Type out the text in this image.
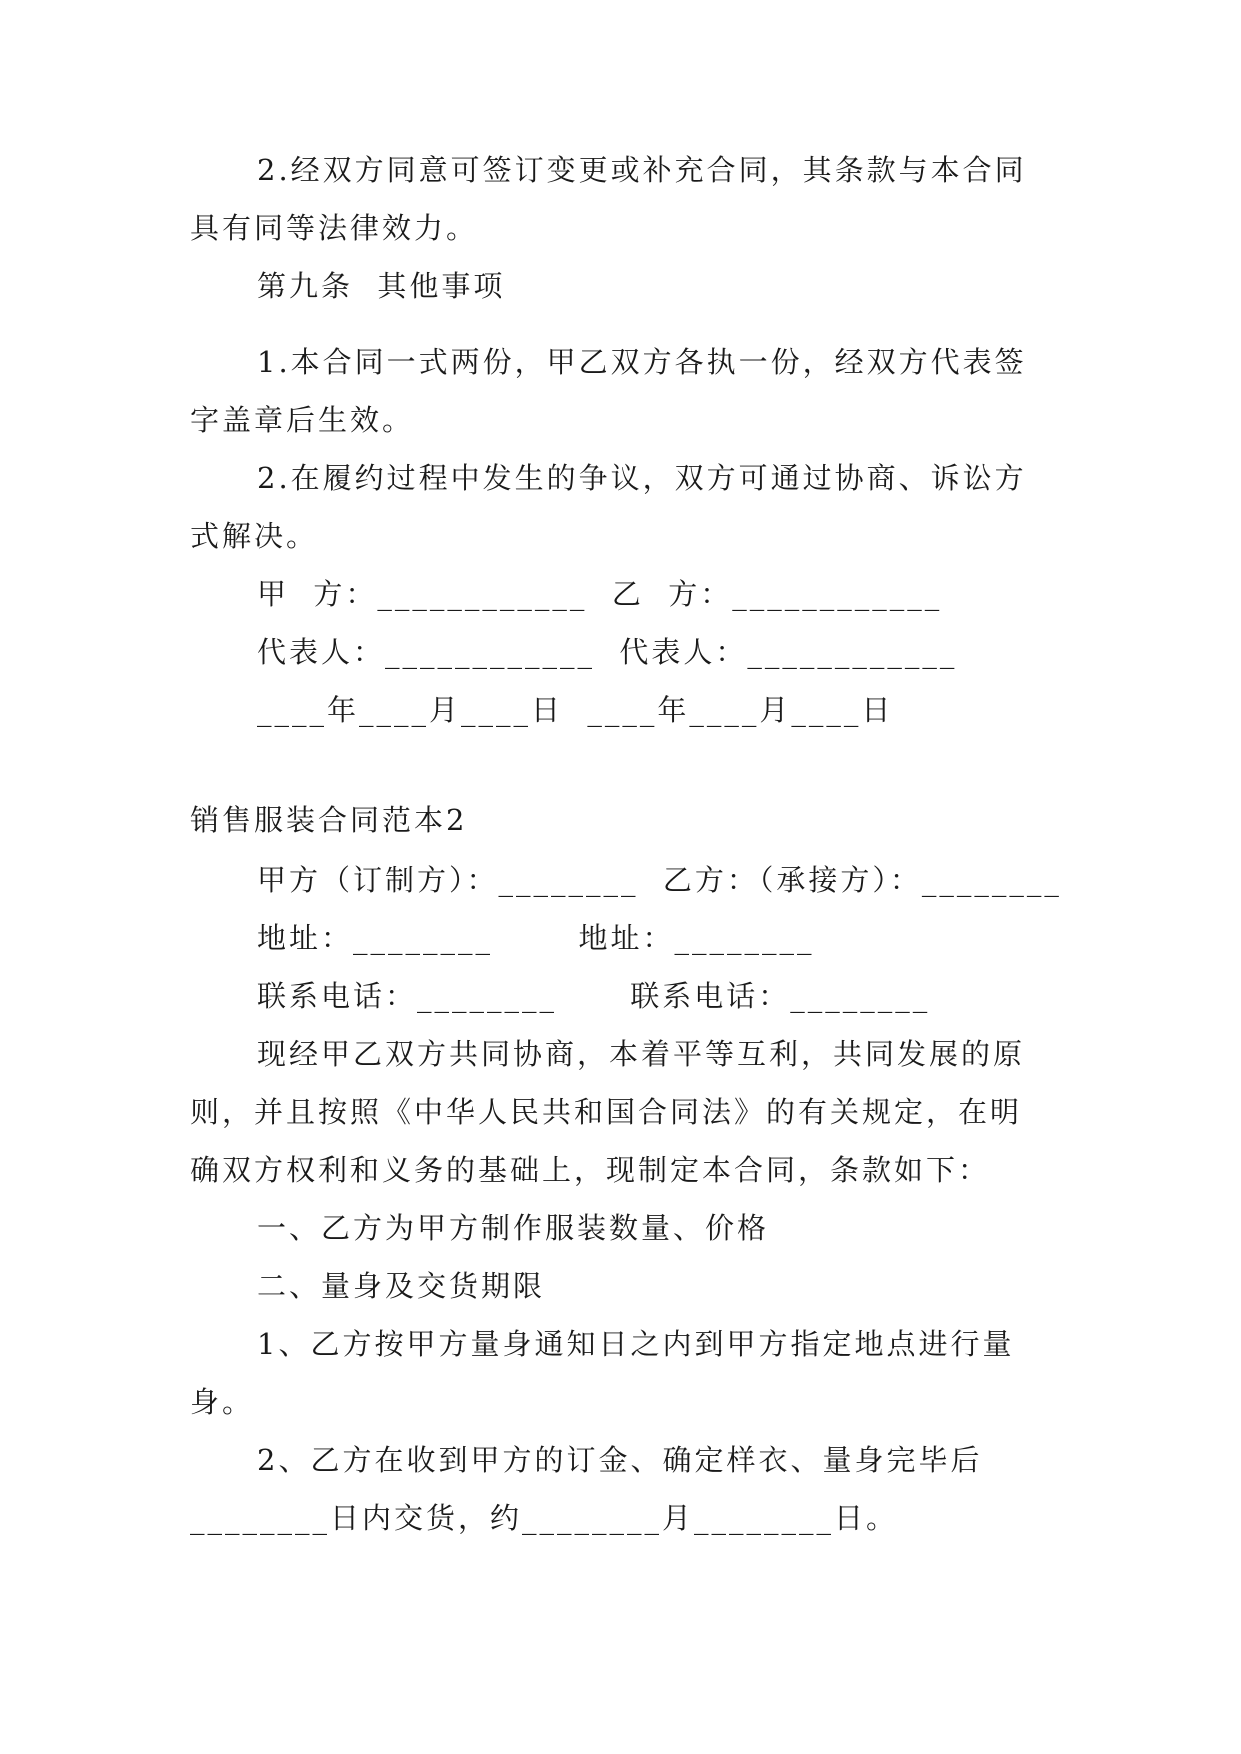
2.经双方同意可签订变更或补充合同，其条款与本合同
具有同等法律效力。
第九条  其他事项
1.本合同一式两份，甲乙双方各执一份，经双方代表签
字盖章后生效。
2.在履约过程中发生的争议，双方可通过协商、诉讼方
式解决。
甲  方：____________  乙  方：____________
代表人：____________  代表人：____________
____年____月____日  ____年____月____日
销售服装合同范本2
甲方（订制方）：________  乙方：（承接方）：________
地址：________       地址：________
联系电话：________      联系电话：________
现经甲乙双方共同协商，本着平等互利，共同发展的原
则，并且按照《中华人民共和国合同法》的有关规定，在明
确双方权利和义务的基础上，现制定本合同，条款如下：
一、乙方为甲方制作服装数量、价格
二、量身及交货期限
1、乙方按甲方量身通知日之内到甲方指定地点进行量
身。
2、乙方在收到甲方的订金、确定样衣、量身完毕后
________日内交货，约________月________日。
